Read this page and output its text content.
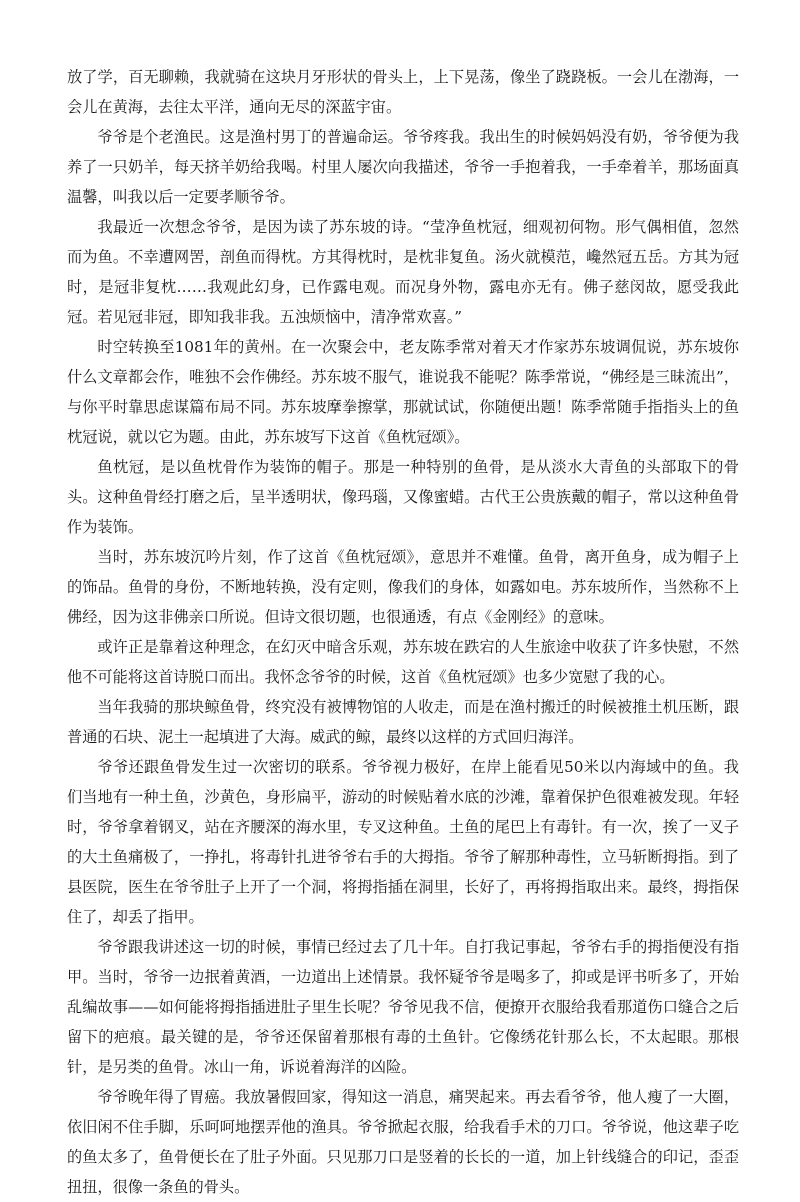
放了学，百无聊赖，我就骑在这块月牙形状的骨头上，上下晃荡，像坐了跷跷板。一会儿在渤海，一会儿在黄海，去往太平洋，通向无尽的深蓝宇宙。

爷爷是个老渔民。这是渔村男丁的普遍命运。爷爷疼我。我出生的时候妈妈没有奶，爷爷便为我养了一只奶羊，每天挤羊奶给我喝。村里人屡次向我描述，爷爷一手抱着我，一手牵着羊，那场面真温馨，叫我以后一定要孝顺爷爷。

我最近一次想念爷爷，是因为读了苏东坡的诗。“莹净鱼枕冠，细观初何物。形气偶相值，忽然而为鱼。不幸遭网罟，剖鱼而得枕。方其得枕时，是枕非复鱼。汤火就模范，巉然冠五岳。方其为冠时，是冠非复枕……我观此幻身，已作露电观。而况身外物，露电亦无有。佛子慈闵故，愿受我此冠。若见冠非冠，即知我非我。五浊烦恼中，清净常欢喜。”

时空转换至1081年的黄州。在一次聚会中，老友陈季常对着天才作家苏东坡调侃说，苏东坡你什么文章都会作，唯独不会作佛经。苏东坡不服气，谁说我不能呢？陈季常说，“佛经是三昧流出”，与你平时靠思虑谋篇布局不同。苏东坡摩拳擦掌，那就试试，你随便出题！陈季常随手指指头上的鱼枕冠说，就以它为题。由此，苏东坡写下这首《鱼枕冠颂》。

鱼枕冠，是以鱼枕骨作为装饰的帽子。那是一种特别的鱼骨，是从淡水大青鱼的头部取下的骨头。这种鱼骨经打磨之后，呈半透明状，像玛瑙，又像蜜蜡。古代王公贵族戴的帽子，常以这种鱼骨作为装饰。

当时，苏东坡沉吟片刻，作了这首《鱼枕冠颂》，意思并不难懂。鱼骨，离开鱼身，成为帽子上的饰品。鱼骨的身份，不断地转换，没有定则，像我们的身体，如露如电。苏东坡所作，当然称不上佛经，因为这非佛亲口所说。但诗文很切题，也很通透，有点《金刚经》的意味。

或许正是靠着这种理念，在幻灭中暗含乐观，苏东坡在跌宕的人生旅途中收获了许多快慰，不然他不可能将这首诗脱口而出。我怀念爷爷的时候，这首《鱼枕冠颂》也多少宽慰了我的心。

当年我骑的那块鲸鱼骨，终究没有被博物馆的人收走，而是在渔村搬迁的时候被推土机压断，跟普通的石块、泥土一起填进了大海。威武的鲸，最终以这样的方式回归海洋。

爷爷还跟鱼骨发生过一次密切的联系。爷爷视力极好，在岸上能看见50米以内海域中的鱼。我们当地有一种土鱼，沙黄色，身形扁平，游动的时候贴着水底的沙滩，靠着保护色很难被发现。年轻时，爷爷拿着钢叉，站在齐腰深的海水里，专叉这种鱼。土鱼的尾巴上有毒针。有一次，挨了一叉子的大土鱼痛极了，一挣扎，将毒针扎进爷爷右手的大拇指。爷爷了解那种毒性，立马斩断拇指。到了县医院，医生在爷爷肚子上开了一个洞，将拇指插在洞里，长好了，再将拇指取出来。最终，拇指保住了，却丢了指甲。

爷爷跟我讲述这一切的时候，事情已经过去了几十年。自打我记事起，爷爷右手的拇指便没有指甲。当时，爷爷一边抿着黄酒，一边道出上述情景。我怀疑爷爷是喝多了，抑或是评书听多了，开始乱编故事——如何能将拇指插进肚子里生长呢？爷爷见我不信，便撩开衣服给我看那道伤口缝合之后留下的疤痕。最关键的是，爷爷还保留着那根有毒的土鱼针。它像绣花针那么长，不太起眼。那根针，是另类的鱼骨。冰山一角，诉说着海洋的凶险。

爷爷晚年得了胃癌。我放暑假回家，得知这一消息，痛哭起来。再去看爷爷，他人瘦了一大圈，依旧闲不住手脚，乐呵呵地摆弄他的渔具。爷爷掀起衣服，给我看手术的刀口。爷爷说，他这辈子吃的鱼太多了，鱼骨便长在了肚子外面。只见那刀口是竖着的长长的一道，加上针线缝合的印记，歪歪扭扭，很像一条鱼的骨头。
